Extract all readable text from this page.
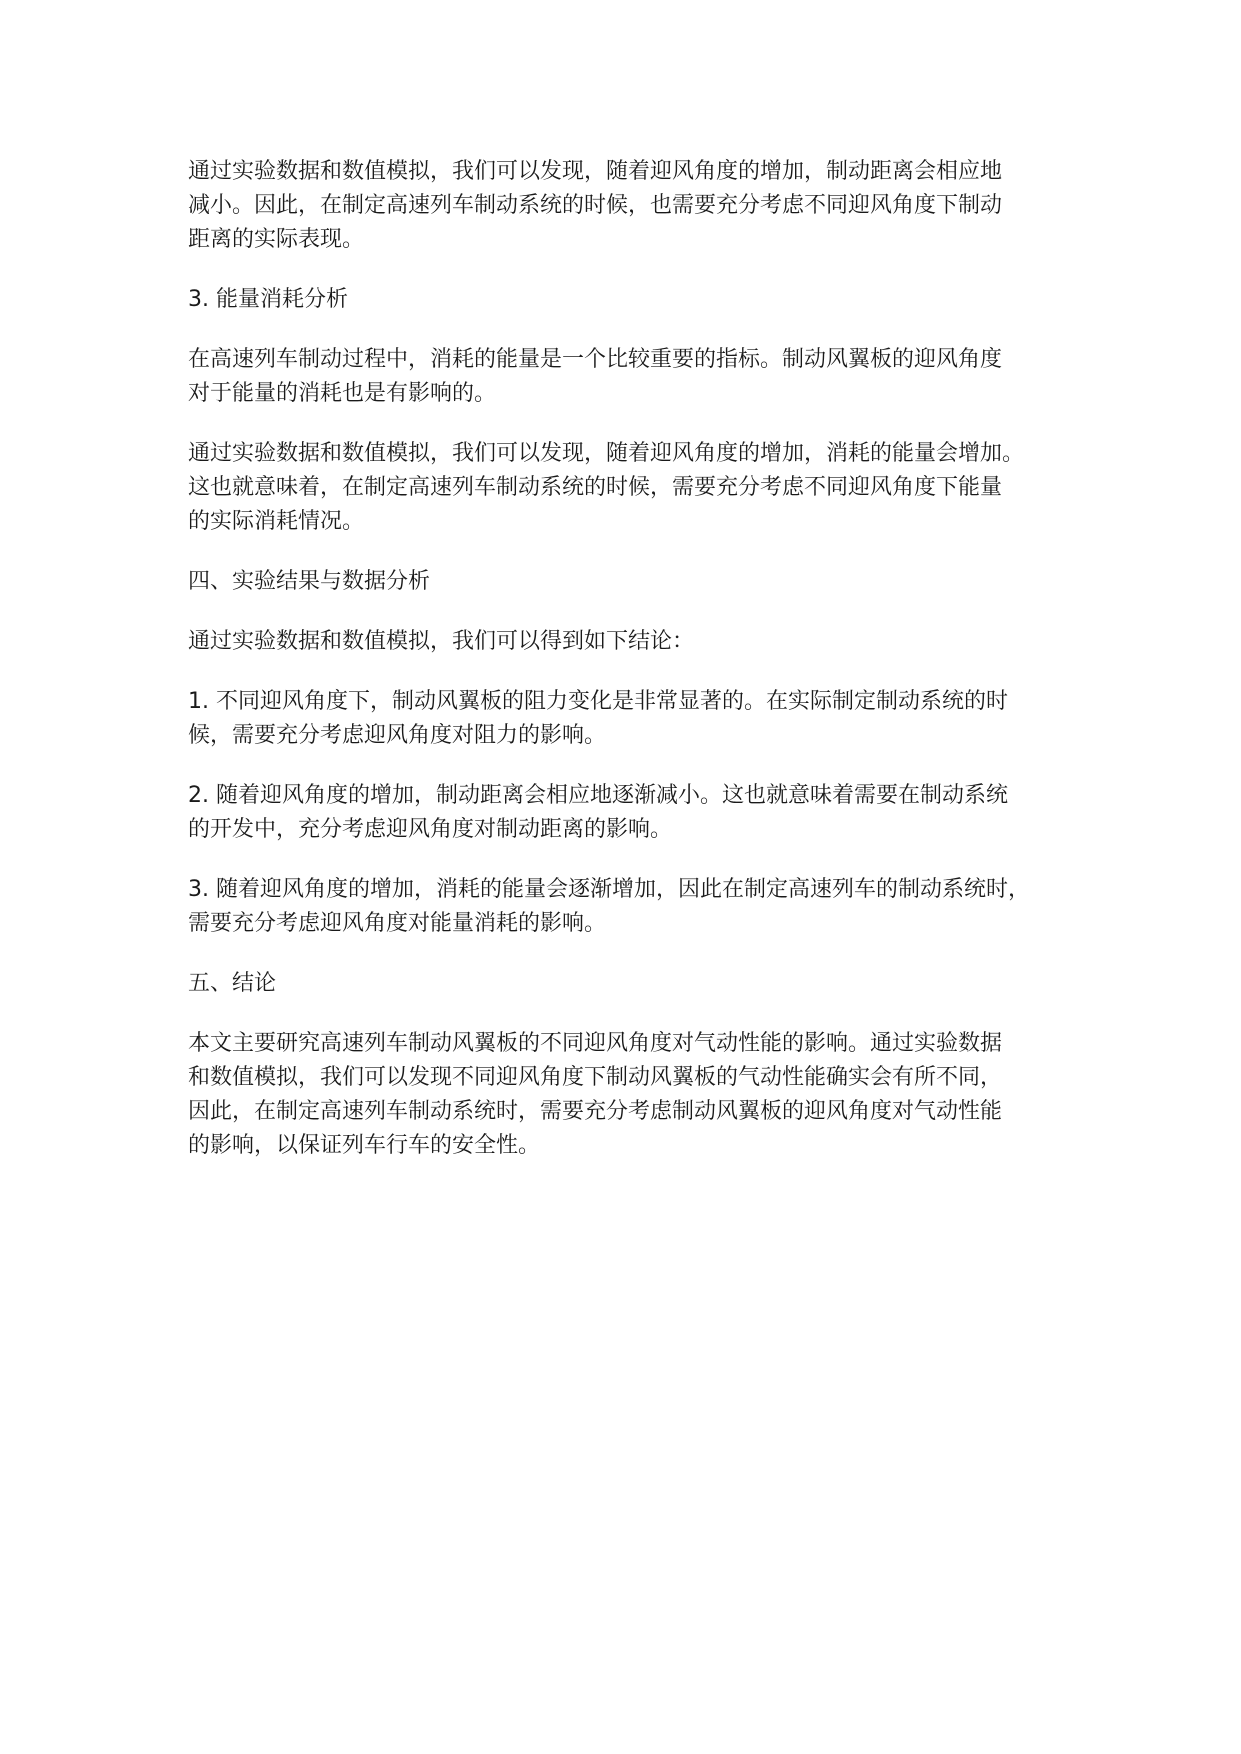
通过实验数据和数值模拟，我们可以发现，随着迎风角度的增加，制动距离会相应地
减小。因此，在制定高速列车制动系统的时候，也需要充分考虑不同迎风角度下制动
距离的实际表现。
3. 能量消耗分析
在高速列车制动过程中，消耗的能量是一个比较重要的指标。制动风翼板的迎风角度
对于能量的消耗也是有影响的。
通过实验数据和数值模拟，我们可以发现，随着迎风角度的增加，消耗的能量会增加。
这也就意味着，在制定高速列车制动系统的时候，需要充分考虑不同迎风角度下能量
的实际消耗情况。
四、实验结果与数据分析
通过实验数据和数值模拟，我们可以得到如下结论：
1. 不同迎风角度下，制动风翼板的阻力变化是非常显著的。在实际制定制动系统的时
候，需要充分考虑迎风角度对阻力的影响。
2. 随着迎风角度的增加，制动距离会相应地逐渐减小。这也就意味着需要在制动系统
的开发中，充分考虑迎风角度对制动距离的影响。
3. 随着迎风角度的增加，消耗的能量会逐渐增加，因此在制定高速列车的制动系统时，
需要充分考虑迎风角度对能量消耗的影响。
五、结论
本文主要研究高速列车制动风翼板的不同迎风角度对气动性能的影响。通过实验数据
和数值模拟，我们可以发现不同迎风角度下制动风翼板的气动性能确实会有所不同，
因此，在制定高速列车制动系统时，需要充分考虑制动风翼板的迎风角度对气动性能
的影响，以保证列车行车的安全性。
